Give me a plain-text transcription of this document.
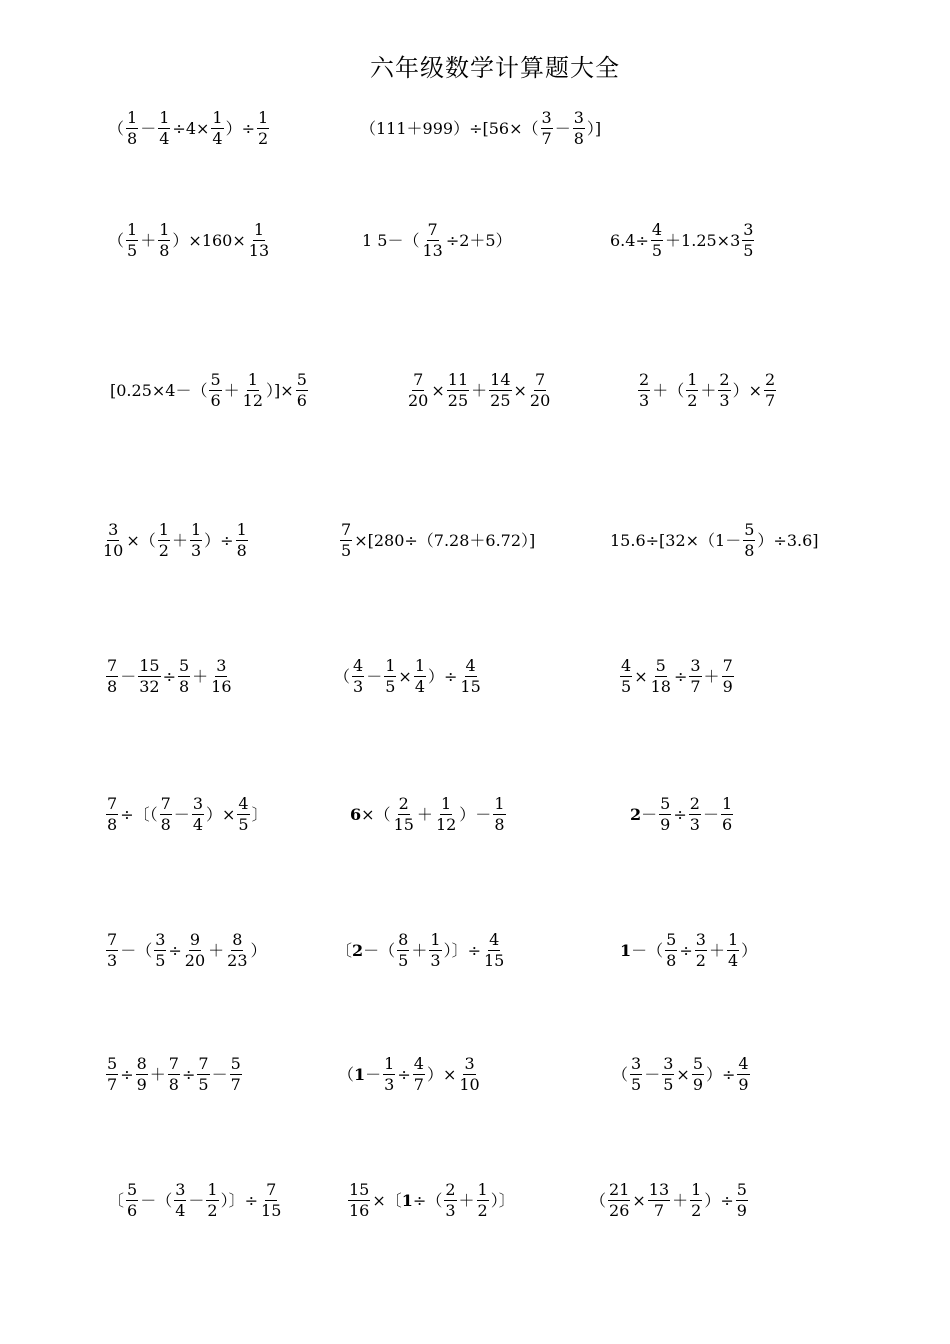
六年级数学计算题大全
（ $\frac{1}{8} - \frac{1}{4} \div 4\times \frac{1}{4}$ ）÷ $\frac{1}{2}$	$(111+999)\div[56\times( \frac{3}{7} - \frac{3}{8}$ ）]
（ $\frac{1}{5} + \frac{1}{8} )\times 160\times \frac{1}{13}$	1 $5-( \frac{7}{13} \div 2+5)$	$6.4\div \frac{4}{5} +1.25\times 3 \frac{3}{5}$
[$0.25\times 4-( \frac{5}{6} + \frac{1}{12}$ ）]× $\frac{5}{6}$	$\frac{7}{20} \times \frac{11}{25} + \frac{14}{25} \times \frac{7}{20}$	$\frac{2}{3}$ ＋（ $\frac{1}{2} + \frac{2}{3}$ ）× $\frac{2}{7}$
$\frac{3}{10}$ ×（ $\frac{1}{2} + \frac{1}{3}$ ）÷ $\frac{1}{8}$	$\frac{7}{5} \times[280\div(7.28+6.72)]$	$15.6\div[32\times(1- \frac{5}{8} )\div 3.6]$
$\frac{7}{8} - \frac{15}{32} \div \frac{5}{8} + \frac{3}{16}$	（ $\frac{4}{3} - \frac{1}{5} \times \frac{1}{4}$ ）÷ $\frac{4}{15}$	$\frac{4}{5} \times \frac{5}{18} \div \frac{3}{7} + \frac{7}{9}$
$\frac{7}{8}$ ÷〔（ $\frac{7}{8} - \frac{3}{4}$ ）× $\frac{4}{5}$ 〕	6 ×（ $\frac{2}{15} + \frac{1}{12}$ ）－ $\frac{1}{8}$	$2 - \frac{5}{9} \div \frac{2}{3} - \frac{1}{6}$
$\frac{7}{3}$ －（ $\frac{3}{5} \div \frac{9}{20} + \frac{8}{23}$ ）	〔 2 －（ $\frac{8}{5} + \frac{1}{3}$ ）〕÷ $\frac{4}{15}$	1 －（ $\frac{5}{8} \div \frac{3}{2} + \frac{1}{4}$ ）
$\frac{5}{7} \div \frac{8}{9} + \frac{7}{8} \div \frac{7}{5} - \frac{5}{7}$	（ $1 - \frac{1}{3} \div \frac{4}{7}$ ）× $\frac{3}{10}$	（ $\frac{3}{5} - \frac{3}{5} \times \frac{5}{9}$ ）÷ $\frac{4}{9}$
〔 $\frac{5}{6}$ －（ $\frac{3}{4} - \frac{1}{2}$ ）〕÷ $\frac{7}{15}$	$\frac{15}{16}$ ×〔 1 ÷（ $\frac{2}{3} + \frac{1}{2}$ ）〕	（ $\frac{21}{26} \times \frac{13}{7} + \frac{1}{2}$ ）÷ $\frac{5}{9}$
